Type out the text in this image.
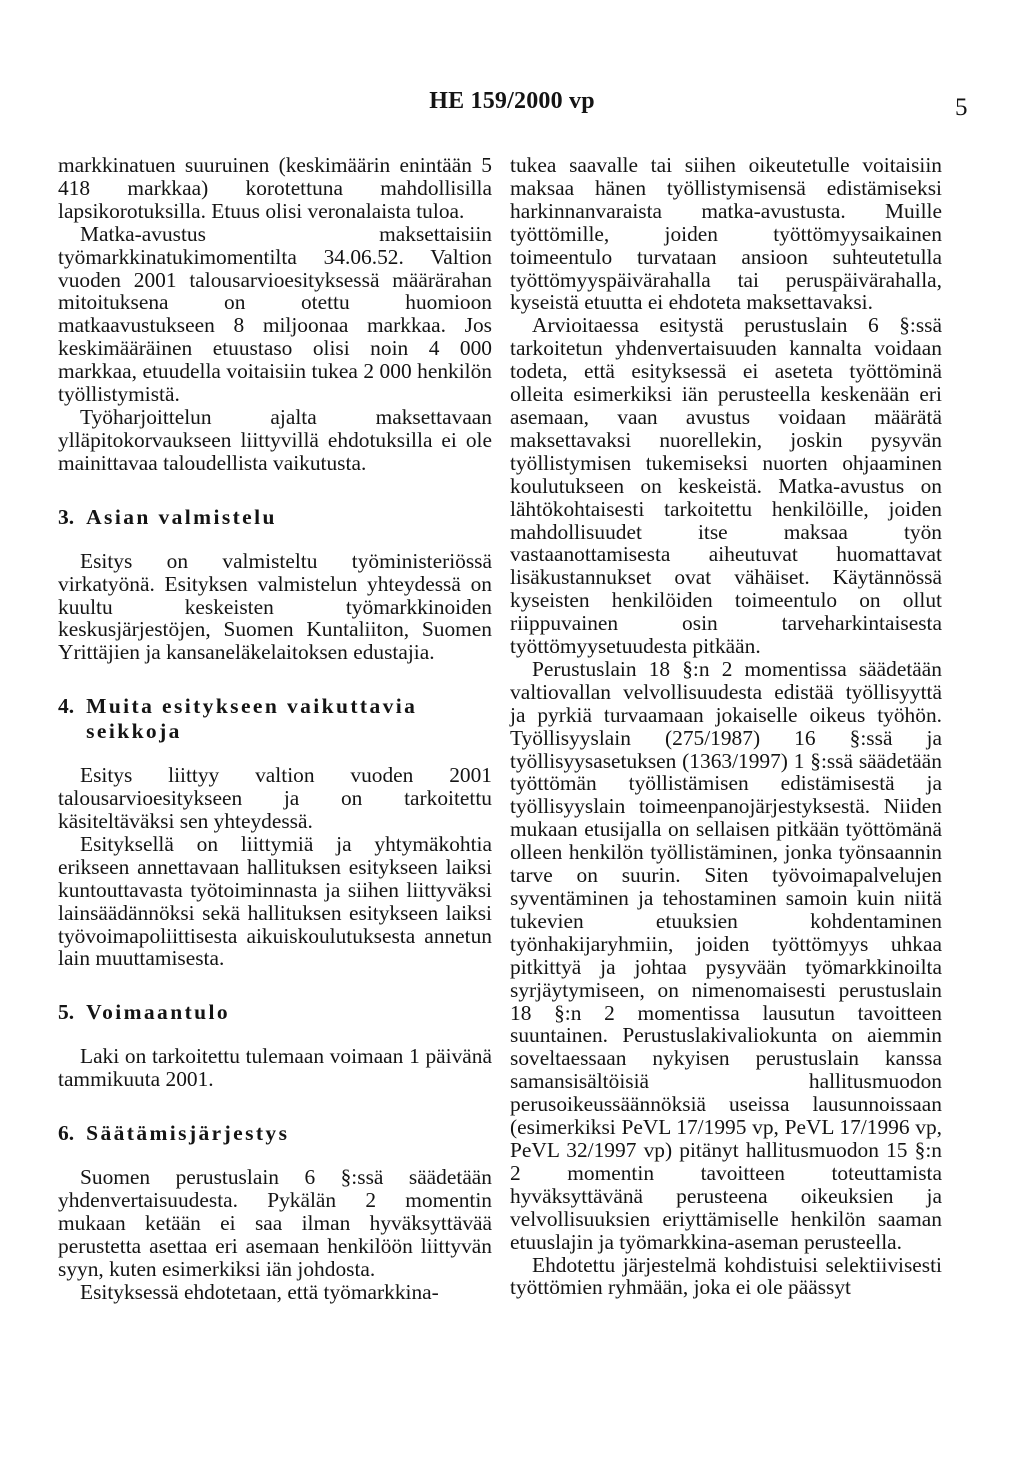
HE 159/2000 vp	5

markkinatuen suuruinen (keskimäärin enintään 5 418 markkaa) korotettuna mahdollisilla lapsikorotuksilla. Etuus olisi veronalaista tuloa.

Matka-avustus maksettaisiin työmarkkinatukimomentilta 34.06.52. Valtion vuoden 2001 talousarvioesityksessä määrärahan mitoituksena on otettu huomioon matkaavustukseen 8 miljoonaa markkaa. Jos keskimääräinen etuustaso olisi noin 4 000 markkaa, etuudella voitaisiin tukea 2 000 henkilön työllistymistä.

Työharjoittelun ajalta maksettavaan ylläpitokorvaukseen liittyvillä ehdotuksilla ei ole mainittavaa taloudellista vaikutusta.

3. Asian valmistelu

Esitys on valmisteltu työministeriössä virkatyönä. Esityksen valmistelun yhteydessä on kuultu keskeisten työmarkkinoiden keskusjärjestöjen, Suomen Kuntaliiton, Suomen Yrittäjien ja kansaneläkelaitoksen edustajia.

4. Muita esitykseen vaikuttavia seikkoja

Esitys liittyy valtion vuoden 2001 talousarvioesitykseen ja on tarkoitettu käsiteltäväksi sen yhteydessä.

Esityksellä on liittymiä ja yhtymäkohtia erikseen annettavaan hallituksen esitykseen laiksi kuntouttavasta työtoiminnasta ja siihen liittyväksi lainsäädännöksi sekä hallituksen esitykseen laiksi työvoimapoliittisesta aikuiskoulutuksesta annetun lain muuttamisesta.

5. Voimaantulo

Laki on tarkoitettu tulemaan voimaan 1 päivänä tammikuuta 2001.

6. Säätämisjärjestys

Suomen perustuslain 6 §:ssä säädetään yhdenvertaisuudesta. Pykälän 2 momentin mukaan ketään ei saa ilman hyväksyttävää perustetta asettaa eri asemaan henkilöön liittyvän syyn, kuten esimerkiksi iän johdosta.

Esityksessä ehdotetaan, että työmarkkina-

tukea saavalle tai siihen oikeutetulle voitaisiin maksaa hänen työllistymisensä edistämiseksi harkinnanvaraista matka-avustusta. Muille työttömille, joiden työttömyysaikainen toimeentulo turvataan ansioon suhteutetulla työttömyyspäivärahalla tai peruspäivärahalla, kyseistä etuutta ei ehdoteta maksettavaksi.

Arvioitaessa esitystä perustuslain 6 §:ssä tarkoitetun yhdenvertaisuuden kannalta voidaan todeta, että esityksessä ei aseteta työttöminä olleita esimerkiksi iän perusteella keskenään eri asemaan, vaan avustus voidaan määrätä maksettavaksi nuorellekin, joskin pysyvän työllistymisen tukemiseksi nuorten ohjaaminen koulutukseen on keskeistä. Matka-avustus on lähtökohtaisesti tarkoitettu henkilöille, joiden mahdollisuudet itse maksaa työn vastaanottamisesta aiheutuvat huomattavat lisäkustannukset ovat vähäiset. Käytännössä kyseisten henkilöiden toimeentulo on ollut riippuvainen osin tarveharkintaisesta työttömyysetuudesta pitkään.

Perustuslain 18 §:n 2 momentissa säädetään valtiovallan velvollisuudesta edistää työllisyyttä ja pyrkiä turvaamaan jokaiselle oikeus työhön. Työllisyyslain (275/1987) 16 §:ssä ja työllisyysasetuksen (1363/1997) 1 §:ssä säädetään työttömän työllistämisen edistämisestä ja työllisyyslain toimeenpanojärjestyksestä. Niiden mukaan etusijalla on sellaisen pitkään työttömänä olleen henkilön työllistäminen, jonka työnsaannin tarve on suurin. Siten työvoimapalvelujen syventäminen ja tehostaminen samoin kuin niitä tukevien etuuksien kohdentaminen työnhakijaryhmiin, joiden työttömyys uhkaa pitkittyä ja johtaa pysyvään työmarkkinoilta syrjäytymiseen, on nimenomaisesti perustuslain 18 §:n 2 momentissa lausutun tavoitteen suuntainen. Perustuslakivaliokunta on aiemmin soveltaessaan nykyisen perustuslain kanssa samansisältöisiä hallitusmuodon perusoikeussäännöksiä useissa lausunnoissaan (esimerkiksi PeVL 17/1995 vp, PeVL 17/1996 vp, PeVL 32/1997 vp) pitänyt hallitusmuodon 15 §:n 2 momentin tavoitteen toteuttamista hyväksyttävänä perusteena oikeuksien ja velvollisuuksien eriyttämiselle henkilön saaman etuuslajin ja työmarkkina-aseman perusteella.

Ehdotettu järjestelmä kohdistuisi selektiivisesti työttömien ryhmään, joka ei ole päässyt
